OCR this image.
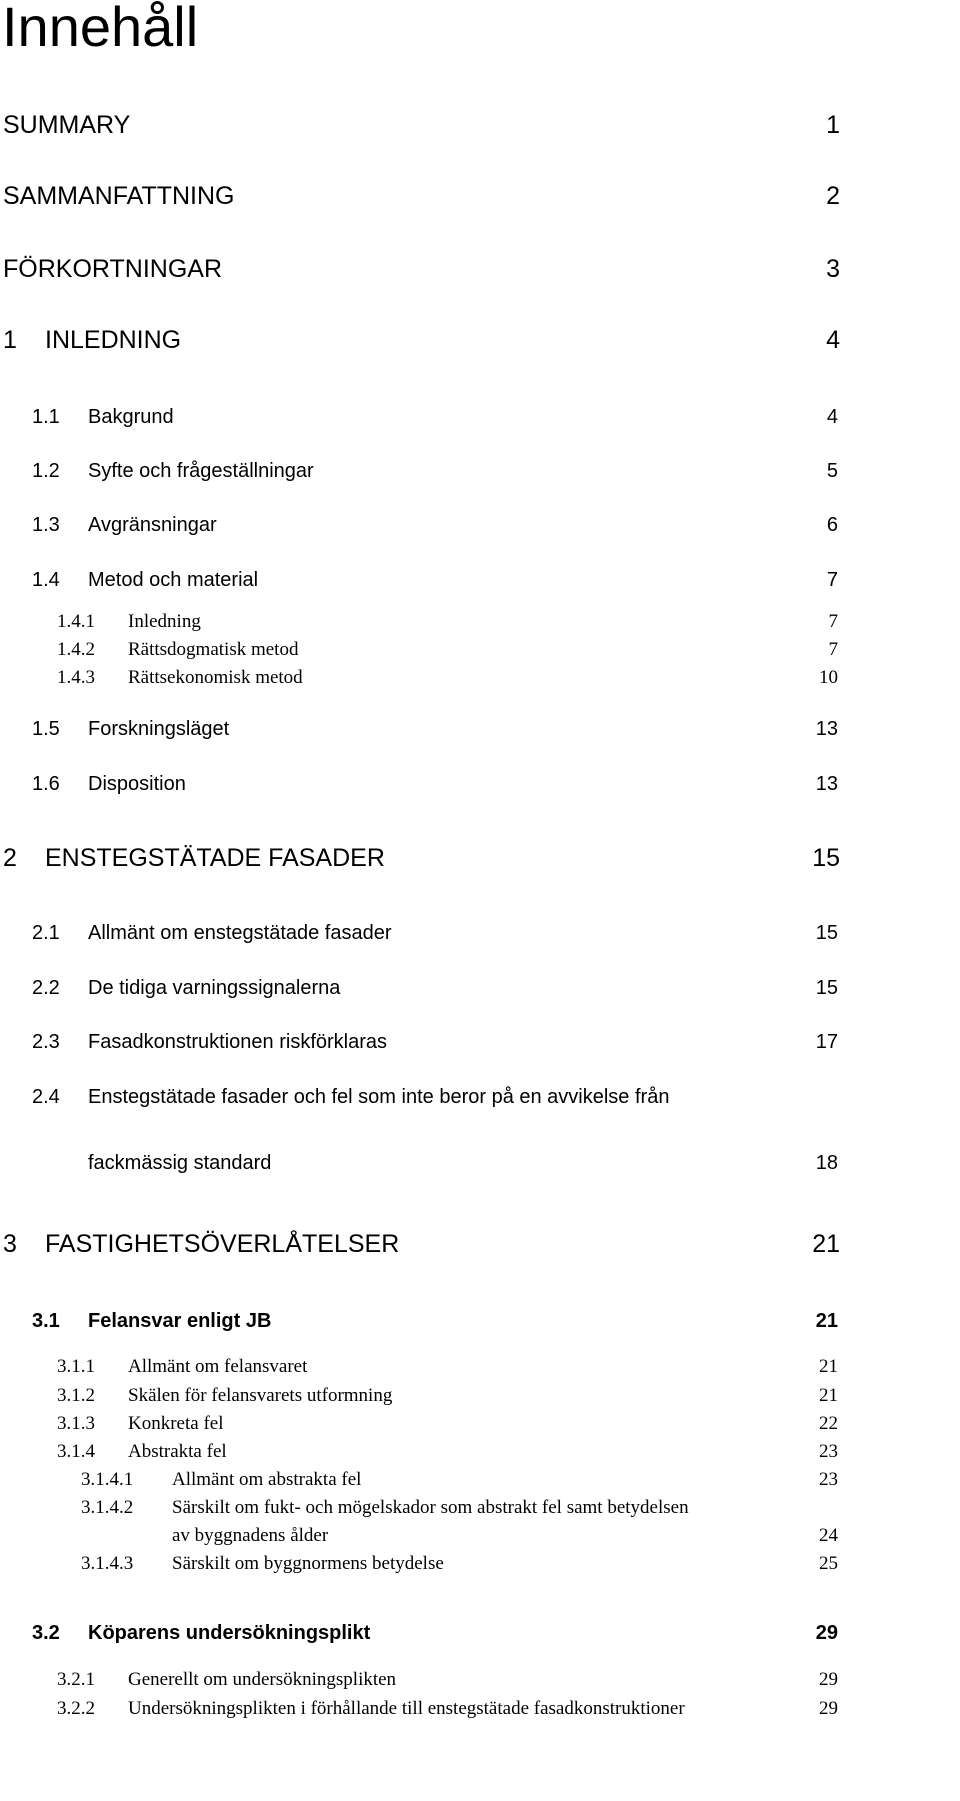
Innehåll
SUMMARY	1
SAMMANFATTNING	2
FÖRKORTNINGAR	3
1 INLEDNING	4
1.1 Bakgrund	4
1.2 Syfte och frågeställningar	5
1.3 Avgränsningar	6
1.4 Metod och material	7
1.4.1 Inledning	7
1.4.2 Rättsdogmatisk metod	7
1.4.3 Rättsekonomisk metod	10
1.5 Forskningsläget	13
1.6 Disposition	13
2 ENSTEGSTÄTADE FASADER	15
2.1 Allmänt om enstegstätade fasader	15
2.2 De tidiga varningssignalerna	15
2.3 Fasadkonstruktionen riskförklaras	17
2.4 Enstegstätade fasader och fel som inte beror på en avvikelse från
fackmässig standard	18
3 FASTIGHETSÖVERLÅTELSER	21
3.1 Felansvar enligt JB	21
3.1.1 Allmänt om felansvaret	21
3.1.2 Skälen för felansvarets utformning	21
3.1.3 Konkreta fel	22
3.1.4 Abstrakta fel	23
3.1.4.1 Allmänt om abstrakta fel	23
3.1.4.2 Särskilt om fukt- och mögelskador som abstrakt fel samt betydelsen
av byggnadens ålder	24
3.1.4.3 Särskilt om byggnormens betydelse	25
3.2 Köparens undersökningsplikt	29
3.2.1 Generellt om undersökningsplikten	29
3.2.2 Undersökningsplikten i förhållande till enstegstätade fasadkonstruktioner	29
